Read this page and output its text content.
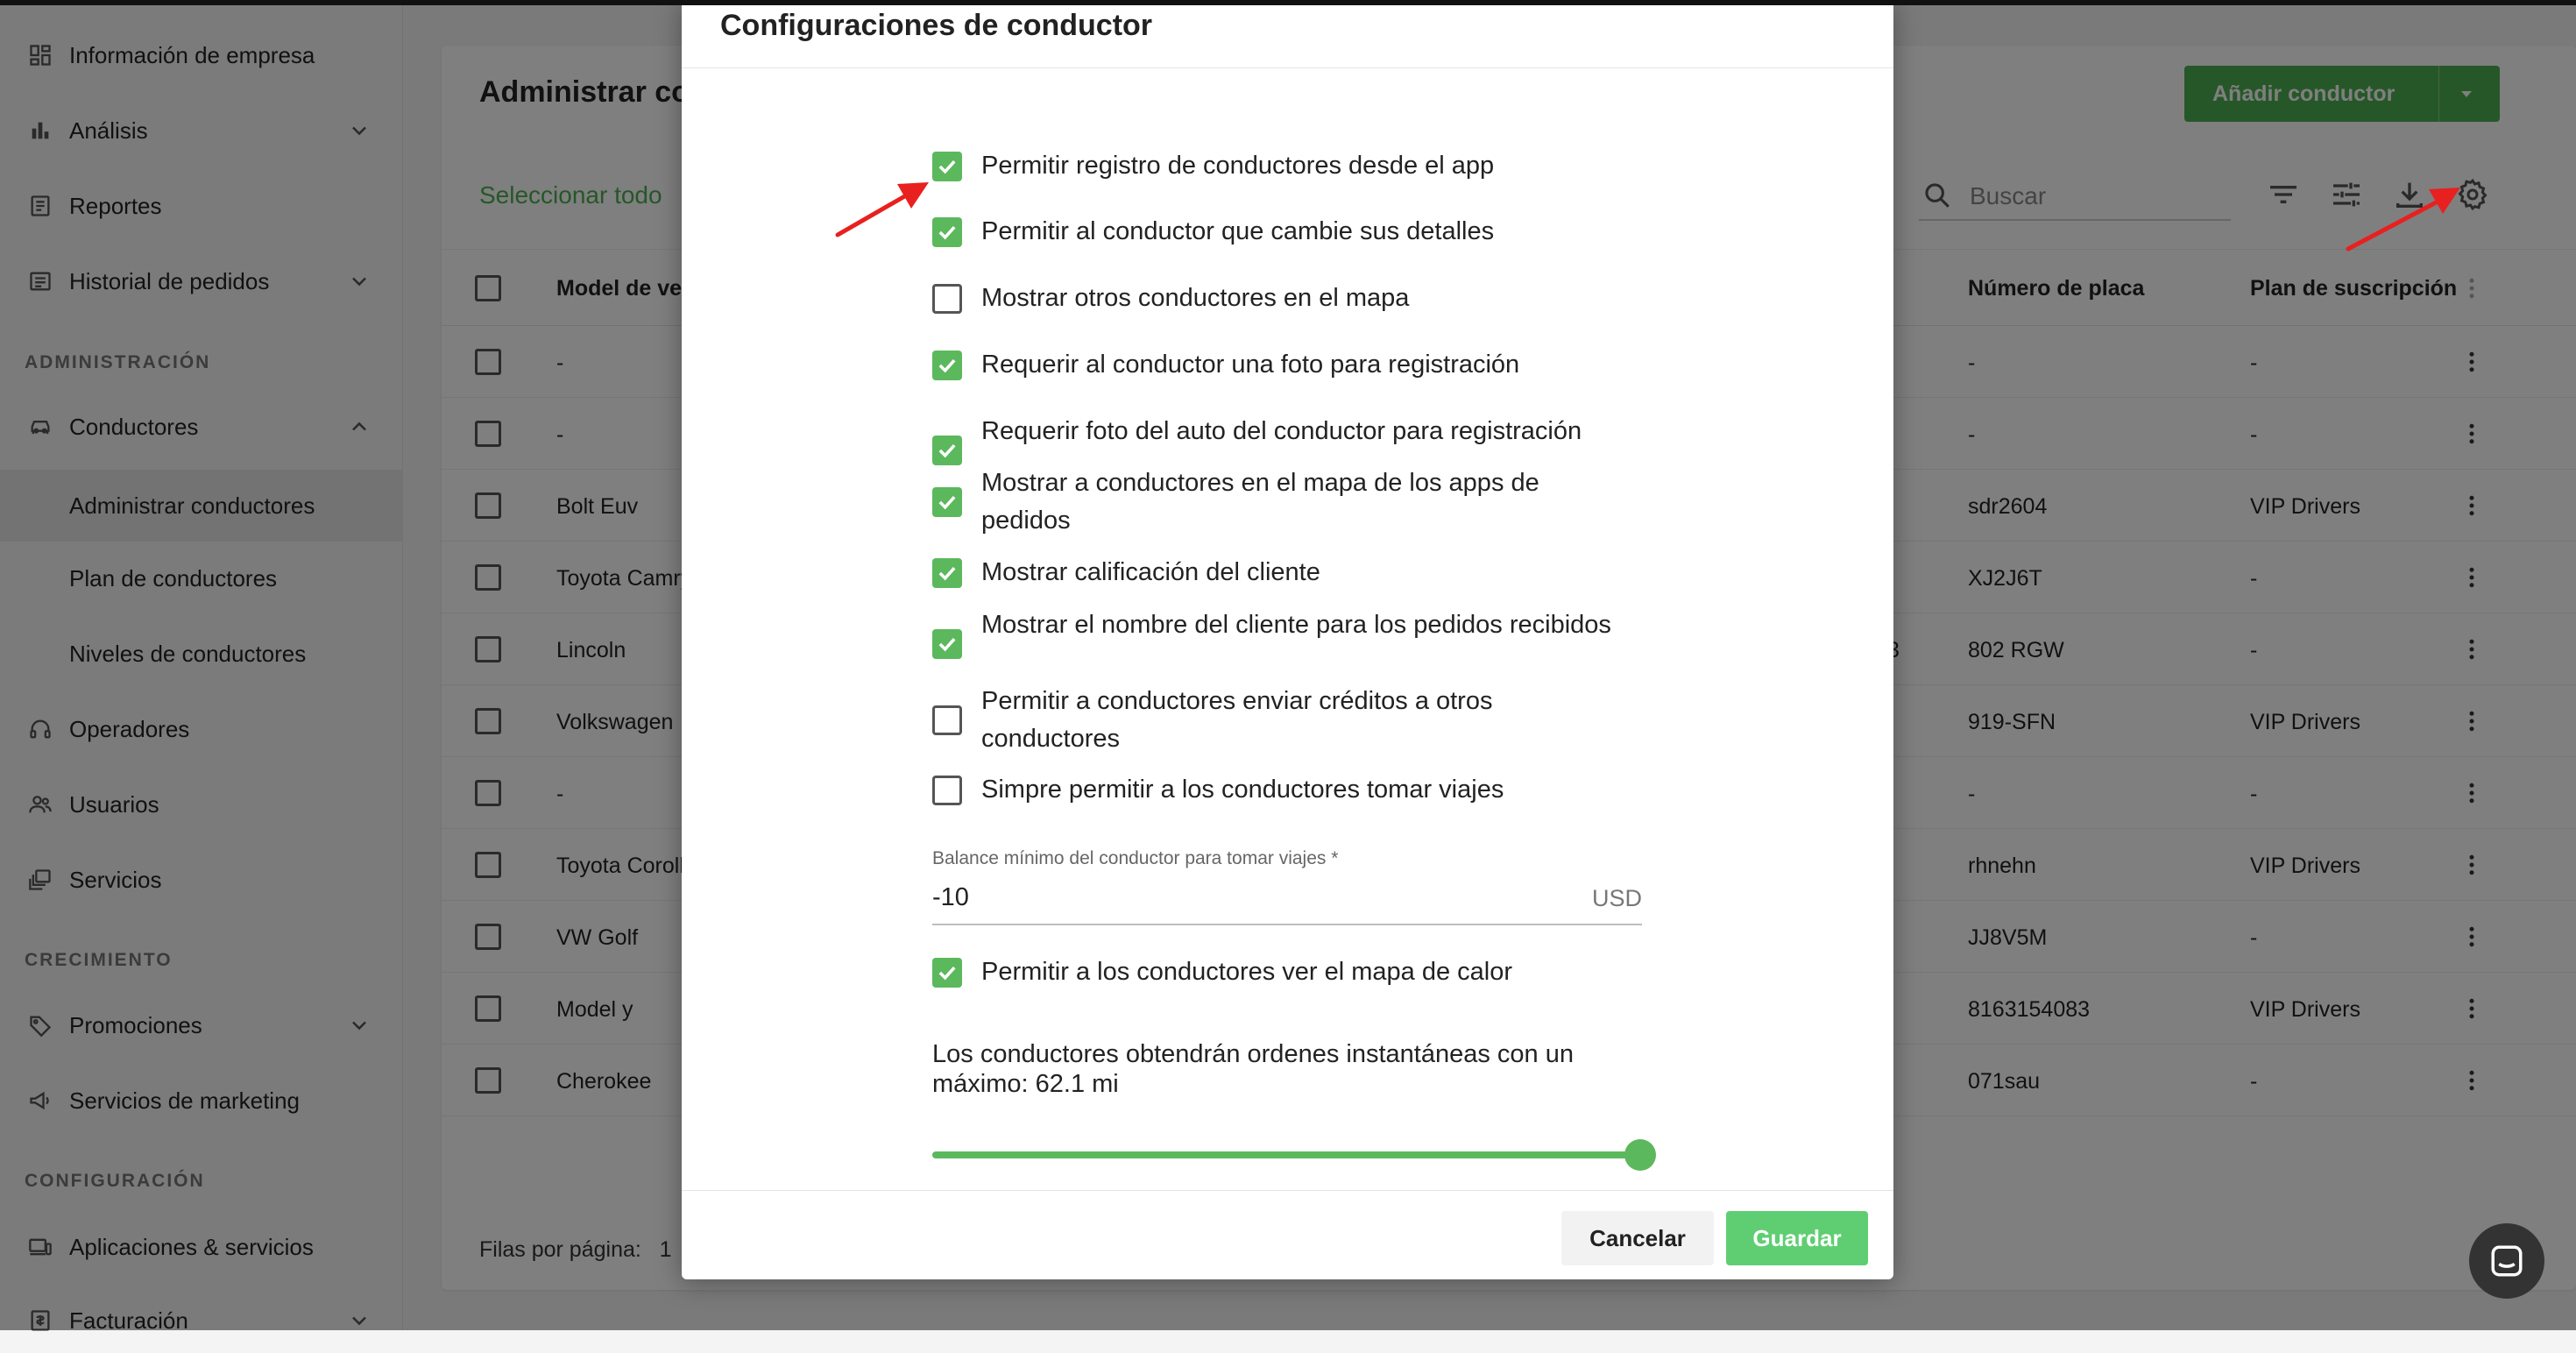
Buscar

Configuraciones de conductor
Permitir registro de conductores desde el app
Permitir al conductor que cambie sus detalles
Mostrar otros conductores en el mapa
Requerir al conductor una foto para registración
Requerir foto del auto del conductor para registración
Mostrar a conductores en el mapa de los apps de pedidos
Mostrar calificación del cliente
Mostrar el nombre del cliente para los pedidos recibidos
Permitir a conductores enviar créditos a otros conductores
Simpre permitir a los conductores tomar viajes
Balance mínimo del conductor para tomar viajes *
-10
USD
Permitir a los conductores ver el mapa de calor
Los conductores obtendrán ordenes instantáneas con un máximo: 62.1 mi
Cancelar	Guardar
